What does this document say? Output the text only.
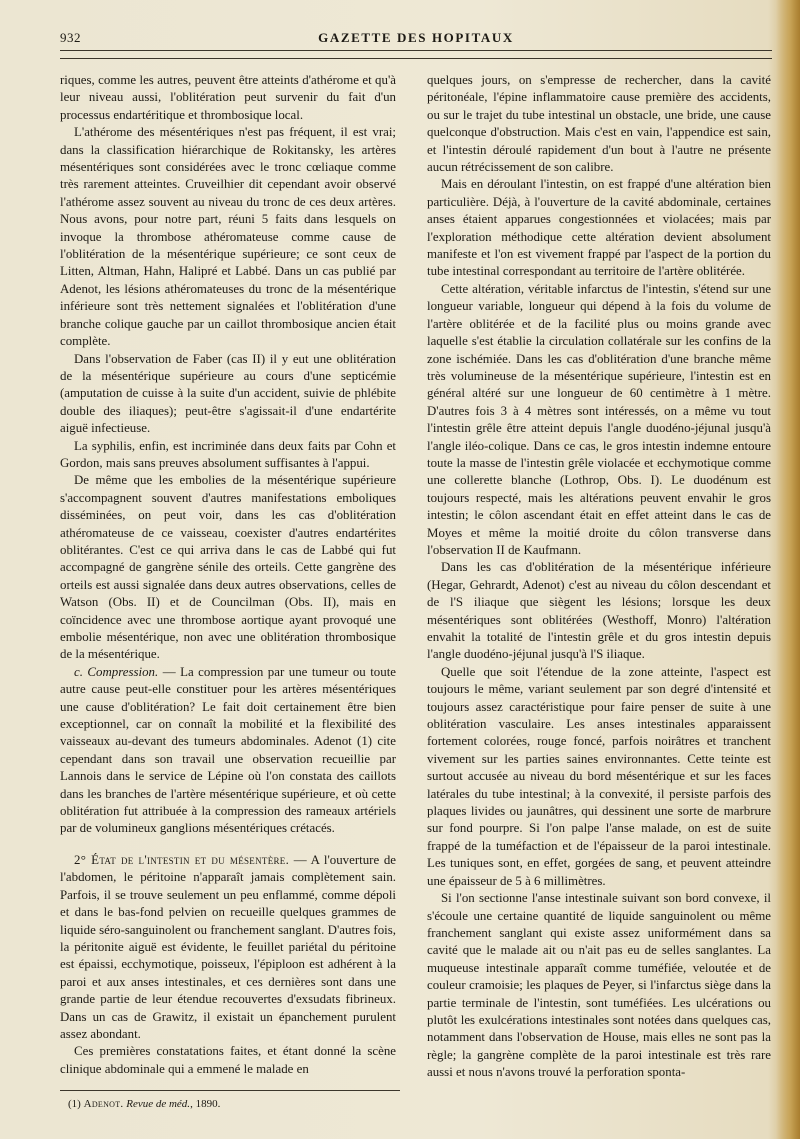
932	GAZETTE DES HOPITAUX

riques, comme les autres, peuvent être atteints d'athérome et qu'à leur niveau aussi, l'oblitération peut survenir du fait d'un processus endartéritique et thrombosique local.

L'athérome des mésentériques n'est pas fréquent, il est vrai; dans la classification hiérarchique de Rokitansky, les artères mésentériques sont considérées avec le tronc cœliaque comme très rarement atteintes. Cruveilhier dit cependant avoir observé l'athérome assez souvent au niveau du tronc de ces deux artères. Nous avons, pour notre part, réuni 5 faits dans lesquels on invoque la thrombose athéromateuse comme cause de l'oblitération de la mésentérique supérieure; ce sont ceux de Litten, Altman, Hahn, Halipré et Labbé. Dans un cas publié par Adenot, les lésions athéromateuses du tronc de la mésentérique inférieure sont très nettement signalées et l'oblitération d'une branche colique gauche par un caillot thrombosique ancien était complète.

Dans l'observation de Faber (cas II) il y eut une oblitération de la mésentérique supérieure au cours d'une septicémie (amputation de cuisse à la suite d'un accident, suivie de phlébite double des iliaques); peut-être s'agissait-il d'une endartérite aiguë infectieuse.

La syphilis, enfin, est incriminée dans deux faits par Cohn et Gordon, mais sans preuves absolument suffisantes à l'appui.

De même que les embolies de la mésentérique supérieure s'accompagnent souvent d'autres manifestations emboliques disséminées, on peut voir, dans les cas d'oblitération athéromateuse de ce vaisseau, coexister d'autres endartérites oblitérantes. C'est ce qui arriva dans le cas de Labbé qui fut accompagné de gangrène sénile des orteils. Cette gangrène des orteils est aussi signalée dans deux autres observations, celles de Watson (Obs. II) et de Councilman (Obs. II), mais en coïncidence avec une thrombose aortique ayant provoqué une embolie mésentérique, non avec une oblitération thrombosique de la mésentérique.

c. Compression. — La compression par une tumeur ou toute autre cause peut-elle constituer pour les artères mésentériques une cause d'oblitération? Le fait doit certainement être bien exceptionnel, car on connaît la mobilité et la flexibilité des vaisseaux au-devant des tumeurs abdominales. Adenot (1) cite cependant dans son travail une observation recueillie par Lannois dans le service de Lépine où l'on constata des caillots dans les branches de l'artère mésentérique supérieure, et où cette oblitération fut attribuée à la compression des rameaux artériels par de volumineux ganglions mésentériques crétacés.

2° État de l'intestin et du mésentère. — A l'ouverture de l'abdomen, le péritoine n'apparaît jamais complètement sain. Parfois, il se trouve seulement un peu enflammé, comme dépoli et dans le bas-fond pelvien on recueille quelques grammes de liquide séro-sanguinolent ou franchement sanglant. D'autres fois, la péritonite aiguë est évidente, le feuillet pariétal du péritoine est épaissi, ecchymotique, poisseux, l'épiploon est adhérent à la paroi et aux anses intestinales, et ces dernières sont dans une grande partie de leur étendue recouvertes d'exsudats fibrineux. Dans un cas de Grawitz, il existait un épanchement purulent assez abondant.

Ces premières constatations faites, et étant donné la scène clinique abdominale qui a emmené le malade en

quelques jours, on s'empresse de rechercher, dans la cavité péritonéale, l'épine inflammatoire cause première des accidents, ou sur le trajet du tube intestinal un obstacle, une bride, une cause quelconque d'obstruction. Mais c'est en vain, l'appendice est sain, et l'intestin déroulé rapidement d'un bout à l'autre ne présente aucun rétrécissement de son calibre.

Mais en déroulant l'intestin, on est frappé d'une altération bien particulière. Déjà, à l'ouverture de la cavité abdominale, certaines anses étaient apparues congestionnées et violacées; mais par l'exploration méthodique cette altération devient absolument manifeste et l'on est vivement frappé par l'aspect de la portion du tube intestinal correspondant au territoire de l'artère oblitérée.

Cette altération, véritable infarctus de l'intestin, s'étend sur une longueur variable, longueur qui dépend à la fois du volume de l'artère oblitérée et de la facilité plus ou moins grande avec laquelle s'est établie la circulation collatérale sur les confins de la zone ischémiée. Dans les cas d'oblitération d'une branche même très volumineuse de la mésentérique supérieure, l'intestin est en général altéré sur une longueur de 60 centimètre à 1 mètre. D'autres fois 3 à 4 mètres sont intéressés, on a même vu tout l'intestin grêle être atteint depuis l'angle duodéno-jéjunal jusqu'à l'angle iléo-colique. Dans ce cas, le gros intestin indemne entoure toute la masse de l'intestin grêle violacée et ecchymotique comme une collerette blanche (Lothrop, Obs. I). Le duodénum est toujours respecté, mais les altérations peuvent envahir le gros intestin; le côlon ascendant était en effet atteint dans le cas de Moyes et même la moitié droite du côlon transverse dans l'observation II de Kaufmann.

Dans les cas d'oblitération de la mésentérique inférieure (Hegar, Gehrardt, Adenot) c'est au niveau du côlon descendant et de l'S iliaque que siègent les lésions; lorsque les deux mésentériques sont oblitérées (Westhoff, Monro) l'altération envahit la totalité de l'intestin grêle et du gros intestin depuis l'angle duodéno-jéjunal jusqu'à l'S iliaque.

Quelle que soit l'étendue de la zone atteinte, l'aspect est toujours le même, variant seulement par son degré d'intensité et toujours assez caractéristique pour faire penser de suite à une oblitération vasculaire. Les anses intestinales apparaissent fortement colorées, rouge foncé, parfois noirâtres et tranchent vivement sur les parties saines environnantes. Cette teinte est surtout accusée au niveau du bord mésentérique et sur les faces latérales du tube intestinal; à la convexité, il persiste parfois des plaques livides ou jaunâtres, qui dessinent une sorte de marbrure sur fond pourpre. Si l'on palpe l'anse malade, on est de suite frappé de la tuméfaction et de l'épaisseur de la paroi intestinale. Les tuniques sont, en effet, gorgées de sang, et peuvent atteindre une épaisseur de 5 à 6 millimètres.

Si l'on sectionne l'anse intestinale suivant son bord convexe, il s'écoule une certaine quantité de liquide sanguinolent ou même franchement sanglant qui existe assez uniformément dans sa cavité que le malade ait ou n'ait pas eu de selles sanglantes. La muqueuse intestinale apparaît comme tuméfiée, veloutée et de couleur cramoisie; les plaques de Peyer, si l'infarctus siège dans la partie terminale de l'intestin, sont tuméfiées. Les ulcérations ou plutôt les exulcérations intestinales sont notées dans quelques cas, notamment dans l'observation de House, mais elles ne sont pas la règle; la gangrène complète de la paroi intestinale est très rare aussi et nous n'avons trouvé la perforation sponta-

(1) Adenot. Revue de méd., 1890.
